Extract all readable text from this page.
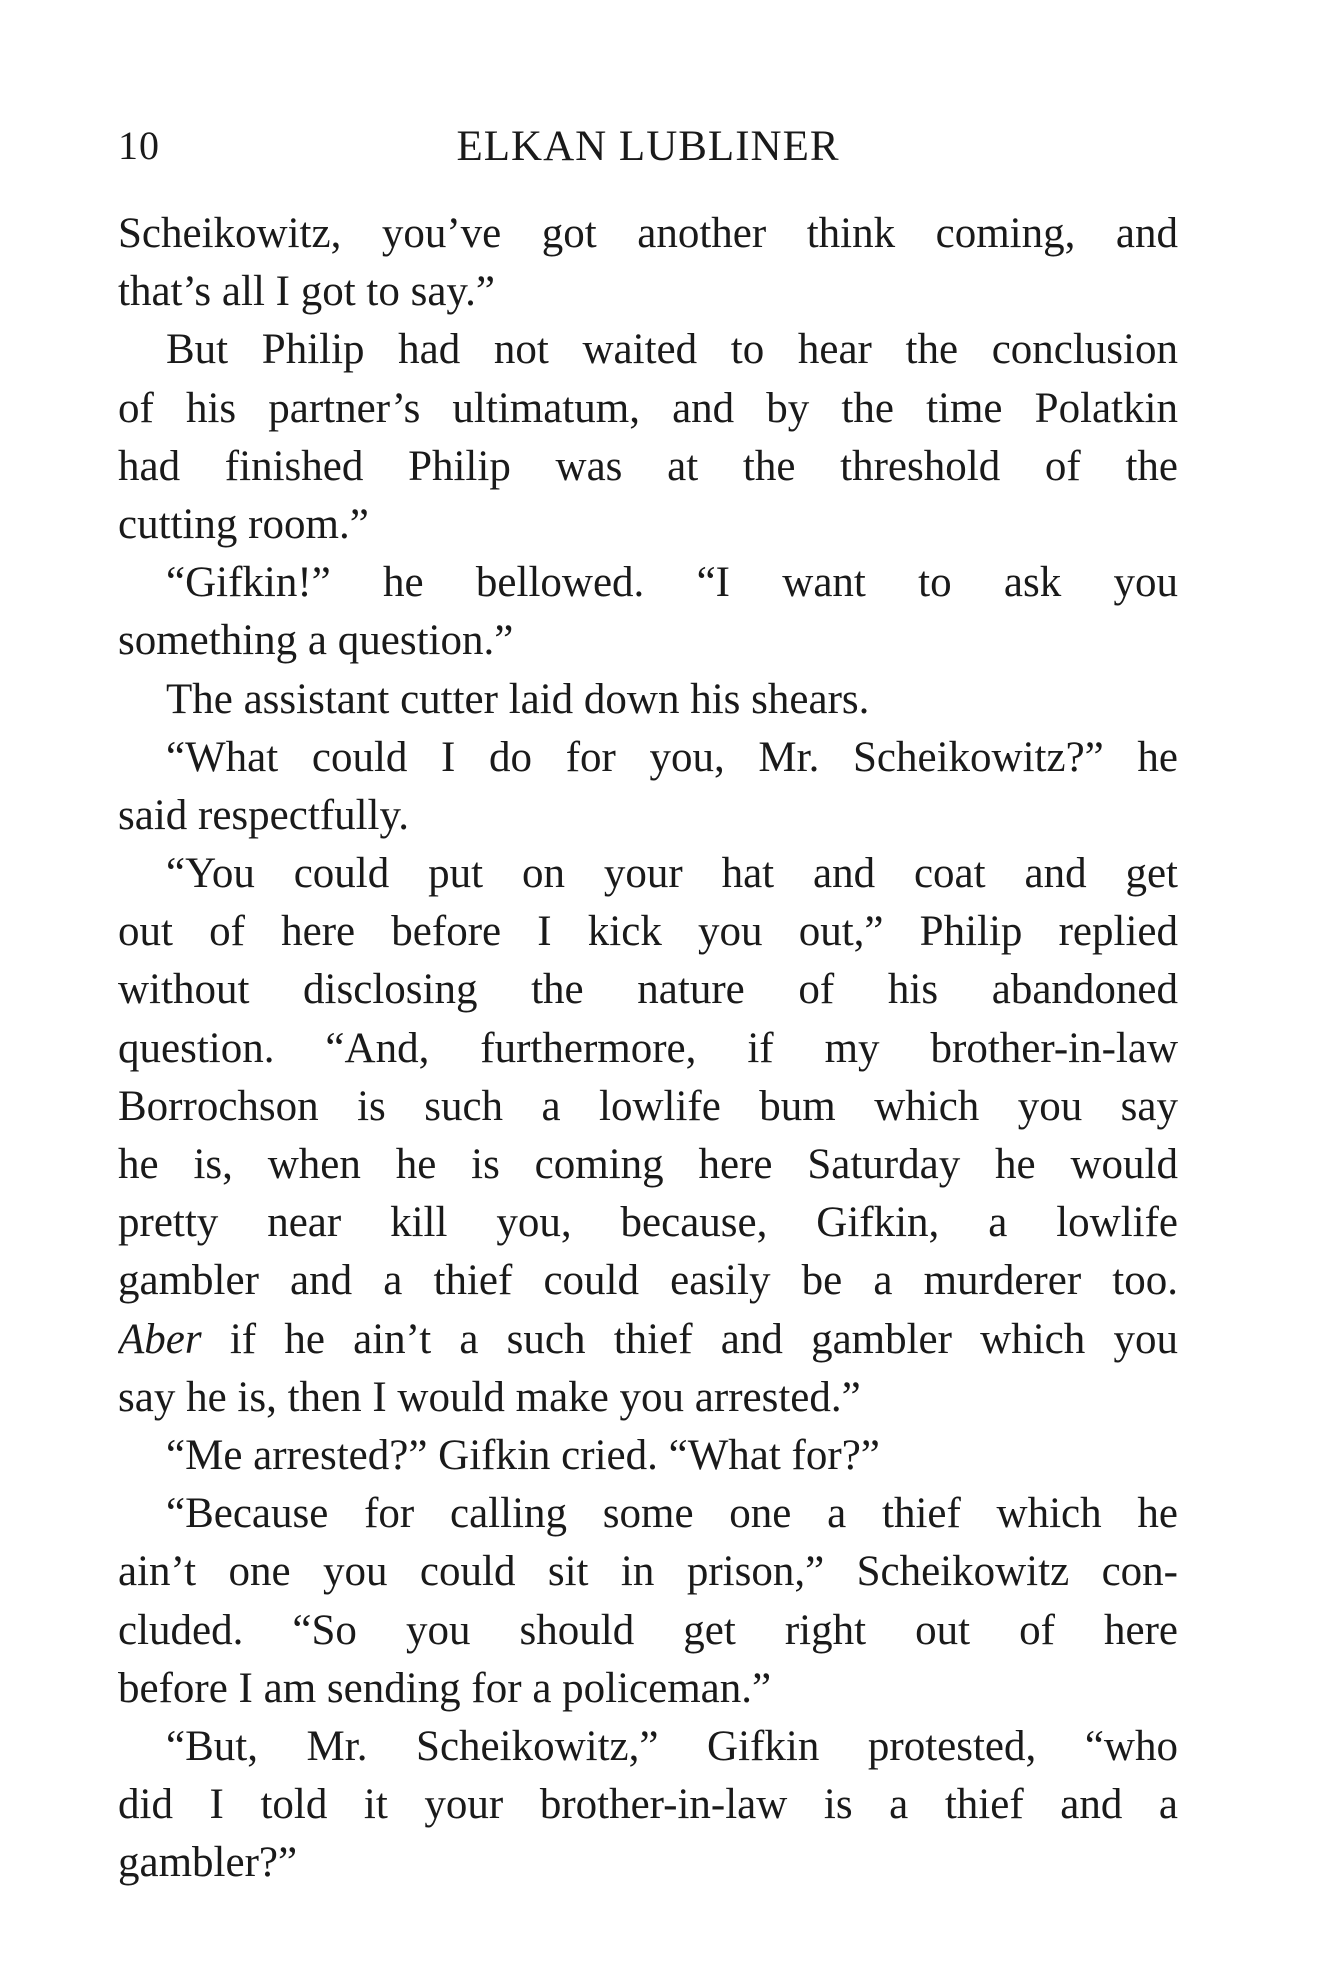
10	ELKAN LUBLINER
Scheikowitz, you’ve got another think coming, and
that’s all I got to say.”
But Philip had not waited to hear the conclusion
of his partner’s ultimatum, and by the time Polatkin
had finished Philip was at the threshold of the
cutting room.”
“Gifkin!” he bellowed. “I want to ask you
something a question.”
The assistant cutter laid down his shears.
“What could I do for you, Mr. Scheikowitz?” he
said respectfully.
“You could put on your hat and coat and get
out of here before I kick you out,” Philip replied
without disclosing the nature of his abandoned
question. “And, furthermore, if my brother-in-law
Borrochson is such a lowlife bum which you say
he is, when he is coming here Saturday he would
pretty near kill you, because, Gifkin, a lowlife
gambler and a thief could easily be a murderer too.
Aber if he ain’t a such thief and gambler which you
say he is, then I would make you arrested.”
“Me arrested?” Gifkin cried. “What for?”
“Because for calling some one a thief which he
ain’t one you could sit in prison,” Scheikowitz con-
cluded. “So you should get right out of here
before I am sending for a policeman.”
“But, Mr. Scheikowitz,” Gifkin protested, “who
did I told it your brother-in-law is a thief and a
gambler?”
